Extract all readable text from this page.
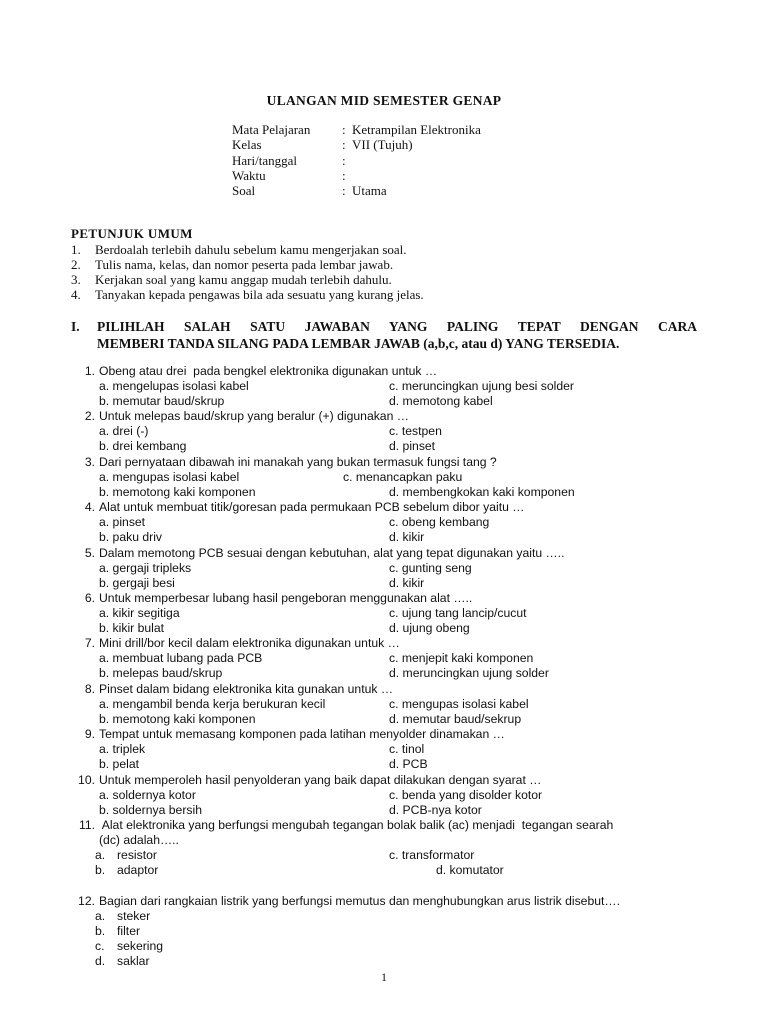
ULANGAN MID SEMESTER GENAP
Mata Pelajaran	: Ketrampilan Elektronika
Kelas	: VII (Tujuh)
Hari/tanggal	:
Waktu	:
Soal	: Utama
PETUNJUK UMUM
1.	Berdoalah terlebih dahulu sebelum kamu mengerjakan soal.
2.	Tulis nama, kelas, dan nomor peserta pada lembar jawab.
3.	Kerjakan soal yang kamu anggap mudah terlebih dahulu.
4.	Tanyakan kepada pengawas bila ada sesuatu yang kurang jelas.
I.	PILIHLAH SALAH SATU JAWABAN YANG PALING TEPAT DENGAN CARA
MEMBERI TANDA SILANG PADA LEMBAR JAWAB (a,b,c, atau d) YANG TERSEDIA.
1. Obeng atau drei  pada bengkel elektronika digunakan untuk …
a. mengelupas isolasi kabel	c. meruncingkan ujung besi solder
b. memutar baud/skrup	d. memotong kabel
2. Untuk melepas baud/skrup yang beralur (+) digunakan …
a. drei (-)	c. testpen
b. drei kembang	d. pinset
3. Dari pernyataan dibawah ini manakah yang bukan termasuk fungsi tang ?
a. mengupas isolasi kabel	c. menancapkan paku
b. memotong kaki komponen	d. membengkokan kaki komponen
4. Alat untuk membuat titik/goresan pada permukaan PCB sebelum dibor yaitu …
a. pinset	c. obeng kembang
b. paku driv	d. kikir
5. Dalam memotong PCB sesuai dengan kebutuhan, alat yang tepat digunakan yaitu …..
a. gergaji tripleks	c. gunting seng
b. gergaji besi	d. kikir
6. Untuk memperbesar lubang hasil pengeboran menggunakan alat …..
a. kikir segitiga	c. ujung tang lancip/cucut
b. kikir bulat	d. ujung obeng
7. Mini drill/bor kecil dalam elektronika digunakan untuk …
a. membuat lubang pada PCB	c. menjepit kaki komponen
b. melepas baud/skrup	d. meruncingkan ujung solder
8. Pinset dalam bidang elektronika kita gunakan untuk …
a. mengambil benda kerja berukuran kecil	c. mengupas isolasi kabel
b. memotong kaki komponen	d. memutar baud/sekrup
9. Tempat untuk memasang komponen pada latihan menyolder dinamakan …
a. triplek	c. tinol
b. pelat	d. PCB
10. Untuk memperoleh hasil penyolderan yang baik dapat dilakukan dengan syarat …
a. soldernya kotor	c. benda yang disolder kotor
b. soldernya bersih	d. PCB-nya kotor
11. Alat elektronika yang berfungsi mengubah tegangan bolak balik (ac) menjadi  tegangan searah
(dc) adalah…..
a. resistor	c. transformator
b. adaptor	d. komutator
12. Bagian dari rangkaian listrik yang berfungsi memutus dan menghubungkan arus listrik disebut….
a. steker
b. filter
c. sekering
d. saklar
1
